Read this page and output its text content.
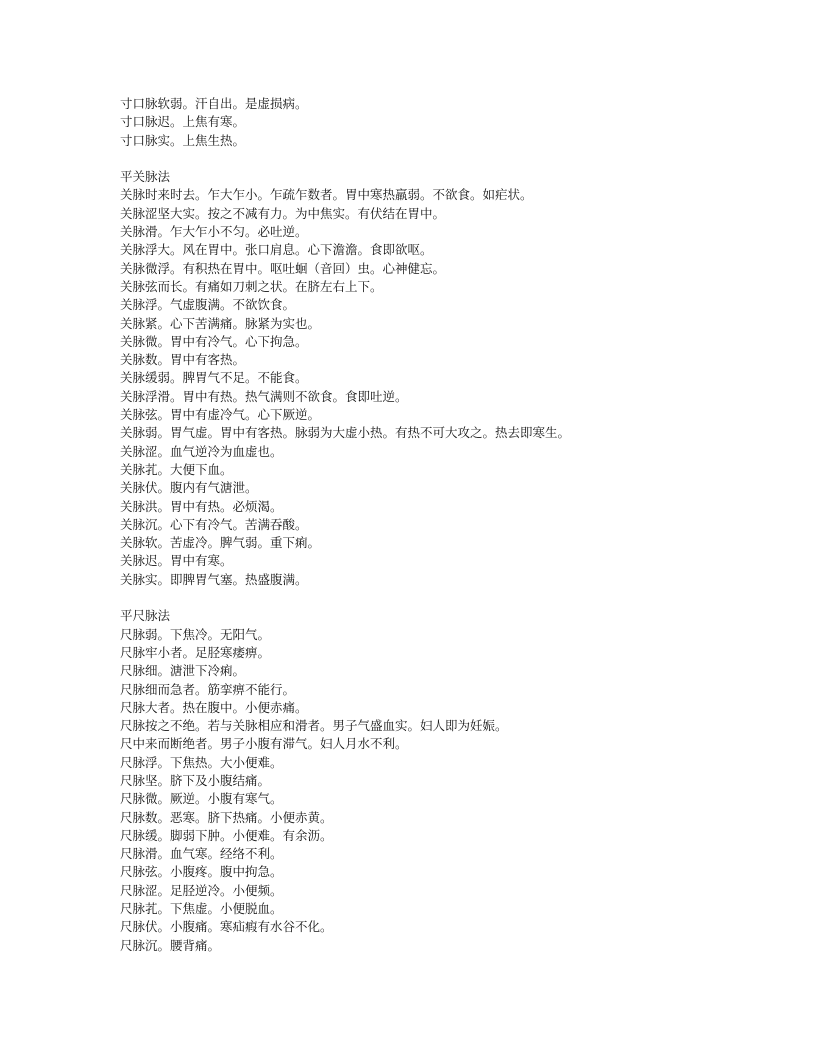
寸口脉软弱。汗自出。是虚损病。
寸口脉迟。上焦有寒。
寸口脉实。上焦生热。
平关脉法
关脉时来时去。乍大乍小。乍疏乍数者。胃中寒热羸弱。不欲食。如疟状。
关脉涩坚大实。按之不减有力。为中焦实。有伏结在胃中。
关脉滑。乍大乍小不匀。必吐逆。
关脉浮大。风在胃中。张口肩息。心下澹澹。食即欲呕。
关脉微浮。有积热在胃中。呕吐蛔（音回）虫。心神健忘。
关脉弦而长。有痛如刀刺之状。在脐左右上下。
关脉浮。气虚腹满。不欲饮食。
关脉紧。心下苦满痛。脉紧为实也。
关脉微。胃中有冷气。心下拘急。
关脉数。胃中有客热。
关脉缓弱。脾胃气不足。不能食。
关脉浮滑。胃中有热。热气满则不欲食。食即吐逆。
关脉弦。胃中有虚冷气。心下厥逆。
关脉弱。胃气虚。胃中有客热。脉弱为大虚小热。有热不可大攻之。热去即寒生。
关脉涩。血气逆冷为血虚也。
关脉芤。大便下血。
关脉伏。腹内有气溏泄。
关脉洪。胃中有热。必烦渴。
关脉沉。心下有冷气。苦满吞酸。
关脉软。苦虚冷。脾气弱。重下痢。
关脉迟。胃中有寒。
关脉实。即脾胃气塞。热盛腹满。
平尺脉法
尺脉弱。下焦冷。无阳气。
尺脉牢小者。足胫寒痿痹。
尺脉细。溏泄下冷痢。
尺脉细而急者。筋挛痹不能行。
尺脉大者。热在腹中。小便赤痛。
尺脉按之不绝。若与关脉相应和滑者。男子气盛血实。妇人即为妊娠。
尺中来而断绝者。男子小腹有滞气。妇人月水不利。
尺脉浮。下焦热。大小便难。
尺脉坚。脐下及小腹结痛。
尺脉微。厥逆。小腹有寒气。
尺脉数。恶寒。脐下热痛。小便赤黄。
尺脉缓。脚弱下肿。小便难。有余沥。
尺脉滑。血气寒。经络不利。
尺脉弦。小腹疼。腹中拘急。
尺脉涩。足胫逆冷。小便频。
尺脉芤。下焦虚。小便脱血。
尺脉伏。小腹痛。寒疝瘕有水谷不化。
尺脉沉。腰背痛。
